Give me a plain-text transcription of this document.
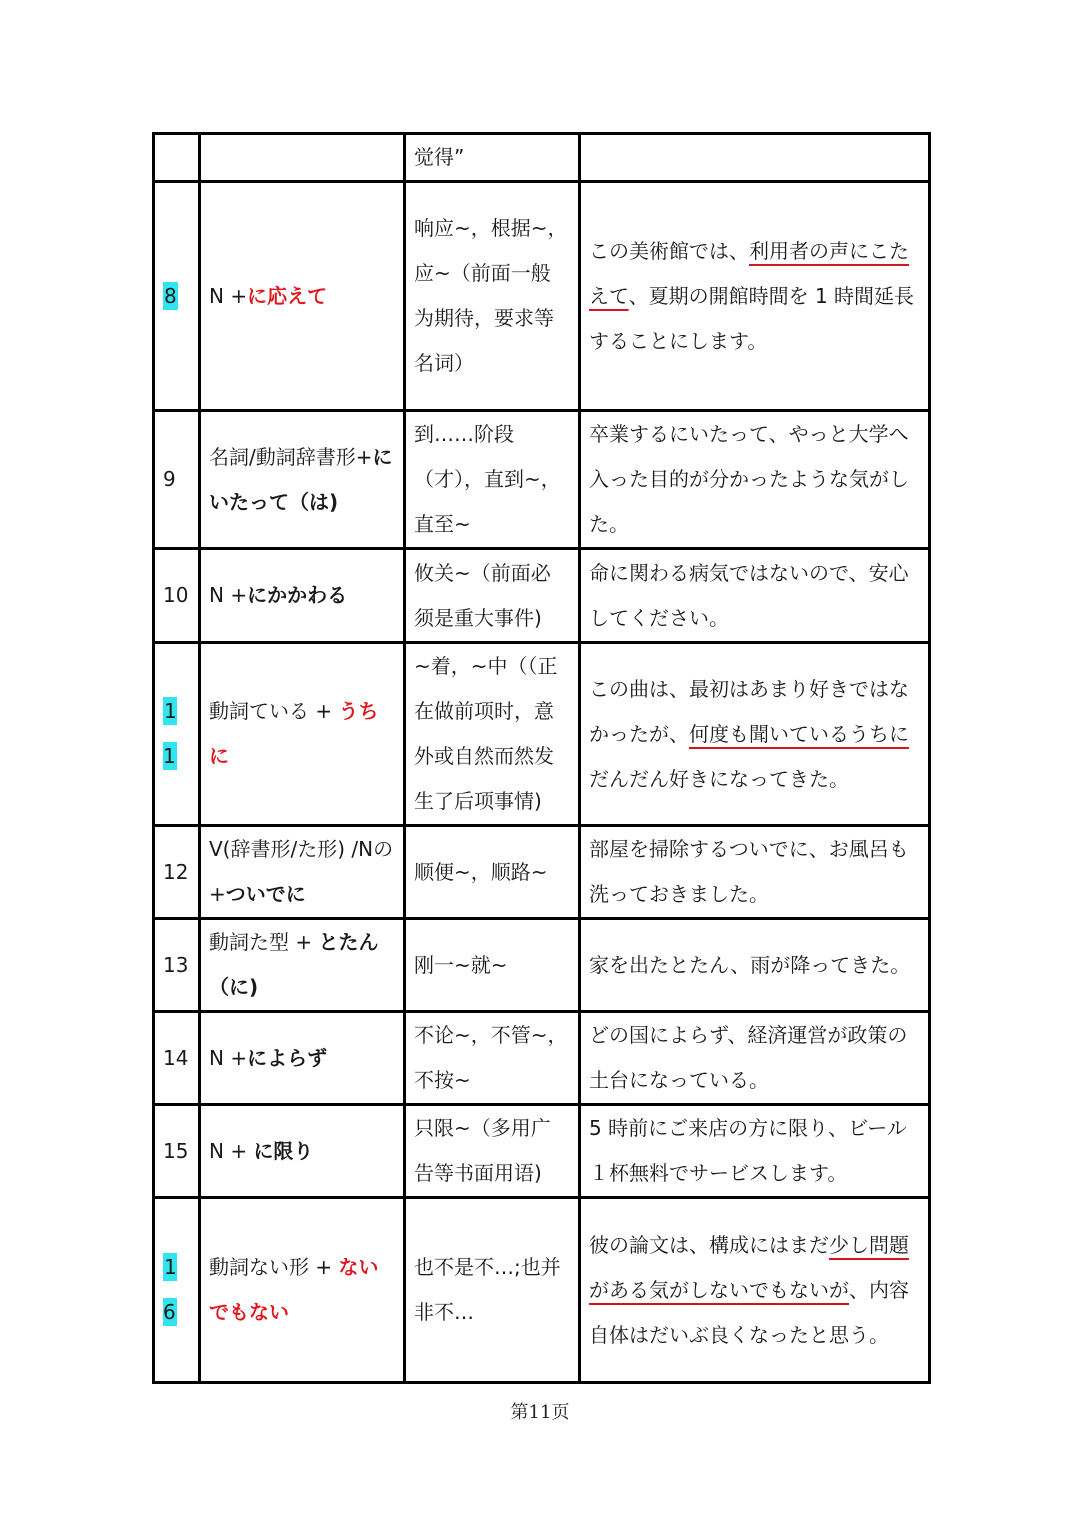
		觉得”	
8	N +に応えて	响应~，根据~，应~（前面一般为期待，要求等名词）	この美術館では、利用者の声にこたえて、夏期の開館時間を 1 時間延長することにします。
9	名詞/動詞辞書形+にいたって（は)	到……阶段（才），直到~，直至~	卒業するにいたって、やっと大学へ入った目的が分かったような気がした。
10	N +にかかわる	攸关~（前面必须是重大事件)	命に関わる病気ではないので、安心してください。
11	動詞ている + うちに	~着，~中（（正在做前项时，意外或自然而然发生了后项事情)	この曲は、最初はあまり好きではなかったが、何度も聞いているうちにだんだん好きになってきた。
12	V(辞書形/た形) /Nの+ついでに	顺便~，顺路~	部屋を掃除するついでに、お風呂も洗っておきました。
13	動詞た型 + とたん（に)	刚一~就~	家を出たとたん、雨が降ってきた。
14	N +によらず	不论~，不管~，不按~	どの国によらず、経済運営が政策の土台になっている。
15	N + に限り	只限~（多用广告等书面用语)	5 時前にご来店の方に限り、ビール１杯無料でサービスします。
16	動詞ない形 + ないでもない	也不是不…;也并非不…	彼の論文は、構成にはまだ少し問題がある気がしないでもないが、内容自体はだいぶ良くなったと思う。
第11页
